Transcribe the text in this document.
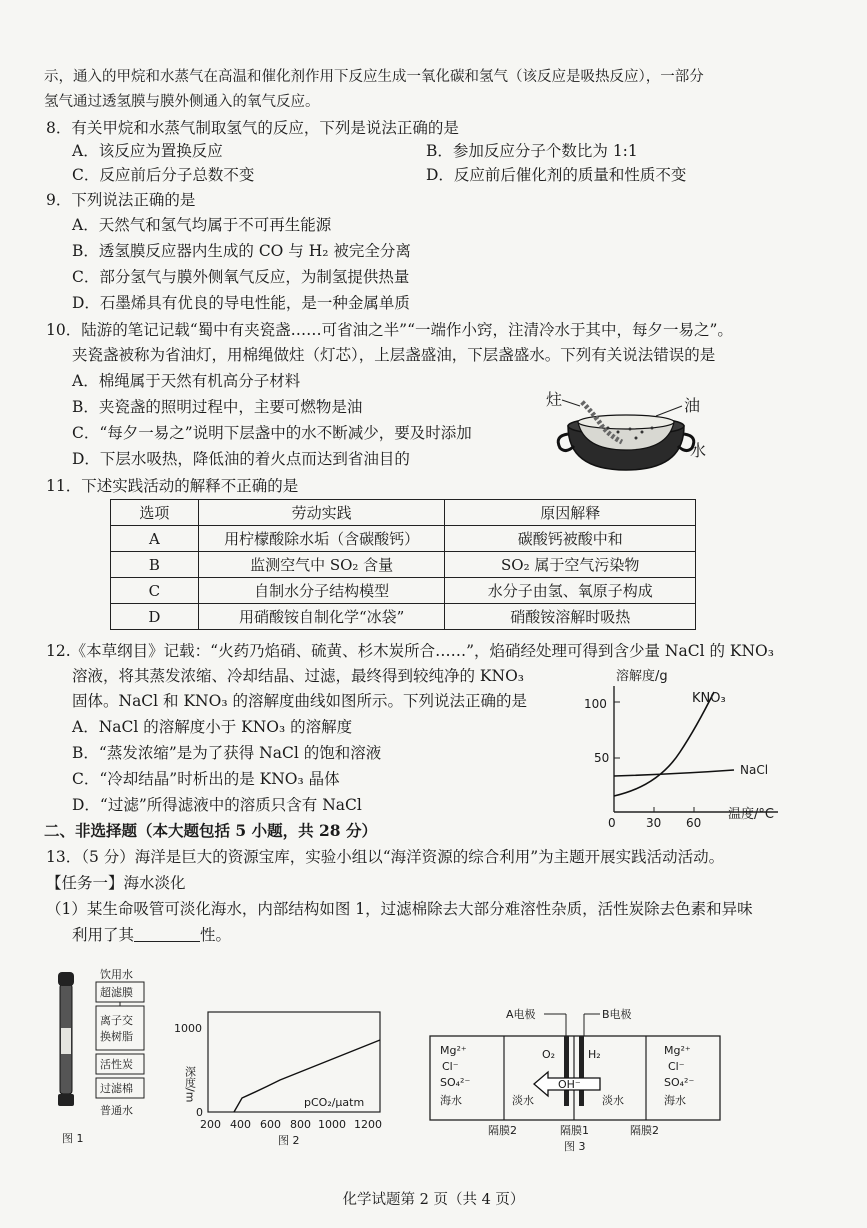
示，通入的甲烷和水蒸气在高温和催化剂作用下反应生成一氧化碳和氢气（该反应是吸热反应），一部分
氢气通过透氢膜与膜外侧通入的氧气反应。
8．有关甲烷和水蒸气制取氢气的反应，下列是说法正确的是
A．该反应为置换反应	B．参加反应分子个数比为 1:1
C．反应前后分子总数不变	D．反应前后催化剂的质量和性质不变
9．下列说法正确的是
A．天然气和氢气均属于不可再生能源
B．透氢膜反应器内生成的 CO 与 H₂ 被完全分离
C．部分氢气与膜外侧氧气反应，为制氢提供热量
D．石墨烯具有优良的导电性能，是一种金属单质
10．陆游的笔记记载“蜀中有夹瓷盏……可省油之半”“一端作小窍，注清冷水于其中，每夕一易之”。
夹瓷盏被称为省油灯，用棉绳做炷（灯芯），上层盏盛油，下层盏盛水。下列有关说法错误的是
A．棉绳属于天然有机高分子材料
B．夹瓷盏的照明过程中，主要可燃物是油
C．“每夕一易之”说明下层盏中的水不断减少，要及时添加
D．下层水吸热，降低油的着火点而达到省油目的
炷	油
水
11．下述实践活动的解释不正确的是
选项	劳动实践	原因解释
A	用柠檬酸除水垢（含碳酸钙）	碳酸钙被酸中和
B	监测空气中 SO₂ 含量	SO₂ 属于空气污染物
C	自制水分子结构模型	水分子由氢、氧原子构成
D	用硝酸铵自制化学“冰袋”	硝酸铵溶解时吸热
12.《本草纲目》记载：“火药乃焰硝、硫黄、杉木炭所合……”，焰硝经处理可得到含少量 NaCl 的 KNO₃
溶液，将其蒸发浓缩、冷却结晶、过滤，最终得到较纯净的 KNO₃
固体。NaCl 和 KNO₃ 的溶解度曲线如图所示。下列说法正确的是
A．NaCl 的溶解度小于 KNO₃ 的溶解度
B．“蒸发浓缩”是为了获得 NaCl 的饱和溶液
C．“冷却结晶”时析出的是 KNO₃ 晶体
D．“过滤”所得滤液中的溶质只含有 NaCl
溶解度/g
100
50
0	30 60
温度/°C
KNO₃
NaCl
二、非选择题（本大题包括 5 小题，共 28 分）
13．（5 分）海洋是巨大的资源宝库，实验小组以“海洋资源的综合利用”为主题开展实践活动活动。
【任务一】海水淡化
（1）某生命吸管可淡化海水，内部结构如图 1，过滤棉除去大部分难溶性杂质，活性炭除去色素和异味
利用了其	性。
饮用水
超滤膜
离子交
换树脂
活性炭
过滤棉
普通水
图 1
1000
0
深度/m
pCO₂/μatm
200 400 600 800 1000 1200
图 2
A电极	B电极
Mg²⁺
Cl⁻
SO₄²⁻
海水
Mg²⁺
Cl⁻
SO₄²⁻
海水
O₂	H₂
OH⁻
淡水	淡水
隔膜2	隔膜1	隔膜2
图 3
化学试题第 2 页（共 4 页）
